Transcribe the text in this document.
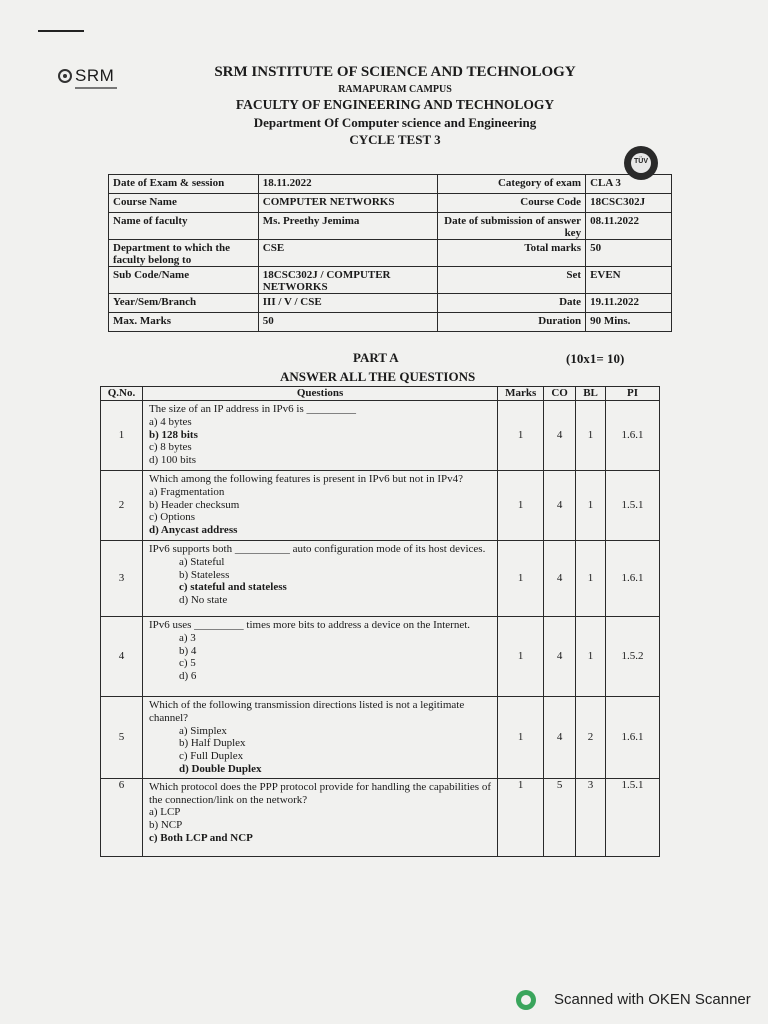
SRM	SRM INSTITUTE OF SCIENCE AND TECHNOLOGY
RAMAPURAM CAMPUS
FACULTY OF ENGINEERING AND TECHNOLOGY
Department Of Computer science and Engineering
CYCLE TEST 3
TÜV
Date of Exam & session	18.11.2022	Category of exam	CLA 3
Course Name	COMPUTER NETWORKS	Course Code	18CSC302J
Name of faculty	Ms. Preethy Jemima	Date of submission of answer key	08.11.2022
Department to which the faculty belong to	CSE	Total marks	50
Sub Code/Name	18CSC302J / COMPUTER NETWORKS	Set	EVEN
Year/Sem/Branch	III / V / CSE	Date	19.11.2022
Max. Marks	50	Duration	90 Mins.
PART A	(10x1= 10)
ANSWER ALL THE QUESTIONS
Q.No.	Questions	Marks	CO	BL	PI
1	The size of an IP address in IPv6 is _________
a) 4 bytes
b) 128 bits
c) 8 bytes
d) 100 bits	1	4	1	1.6.1
2	Which among the following features is present in IPv6 but not in IPv4?
a) Fragmentation
b) Header checksum
c) Options
d) Anycast address	1	4	1	1.5.1
3	IPv6 supports both __________ auto configuration mode of its host devices.
a) Stateful
b) Stateless
c) stateful and stateless
d) No state	1	4	1	1.6.1
4	IPv6 uses _________ times more bits to address a device on the Internet.
a) 3
b) 4
c) 5
d) 6	1	4	1	1.5.2
5	Which of the following transmission directions listed is not a legitimate channel?
a) Simplex
b) Half Duplex
c) Full Duplex
d) Double Duplex	1	4	2	1.6.1
6	Which protocol does the PPP protocol provide for handling the capabilities of the connection/link on the network?
a) LCP
b) NCP
c) Both LCP and NCP	1	5	3	1.5.1
Scanned with OKEN Scanner
